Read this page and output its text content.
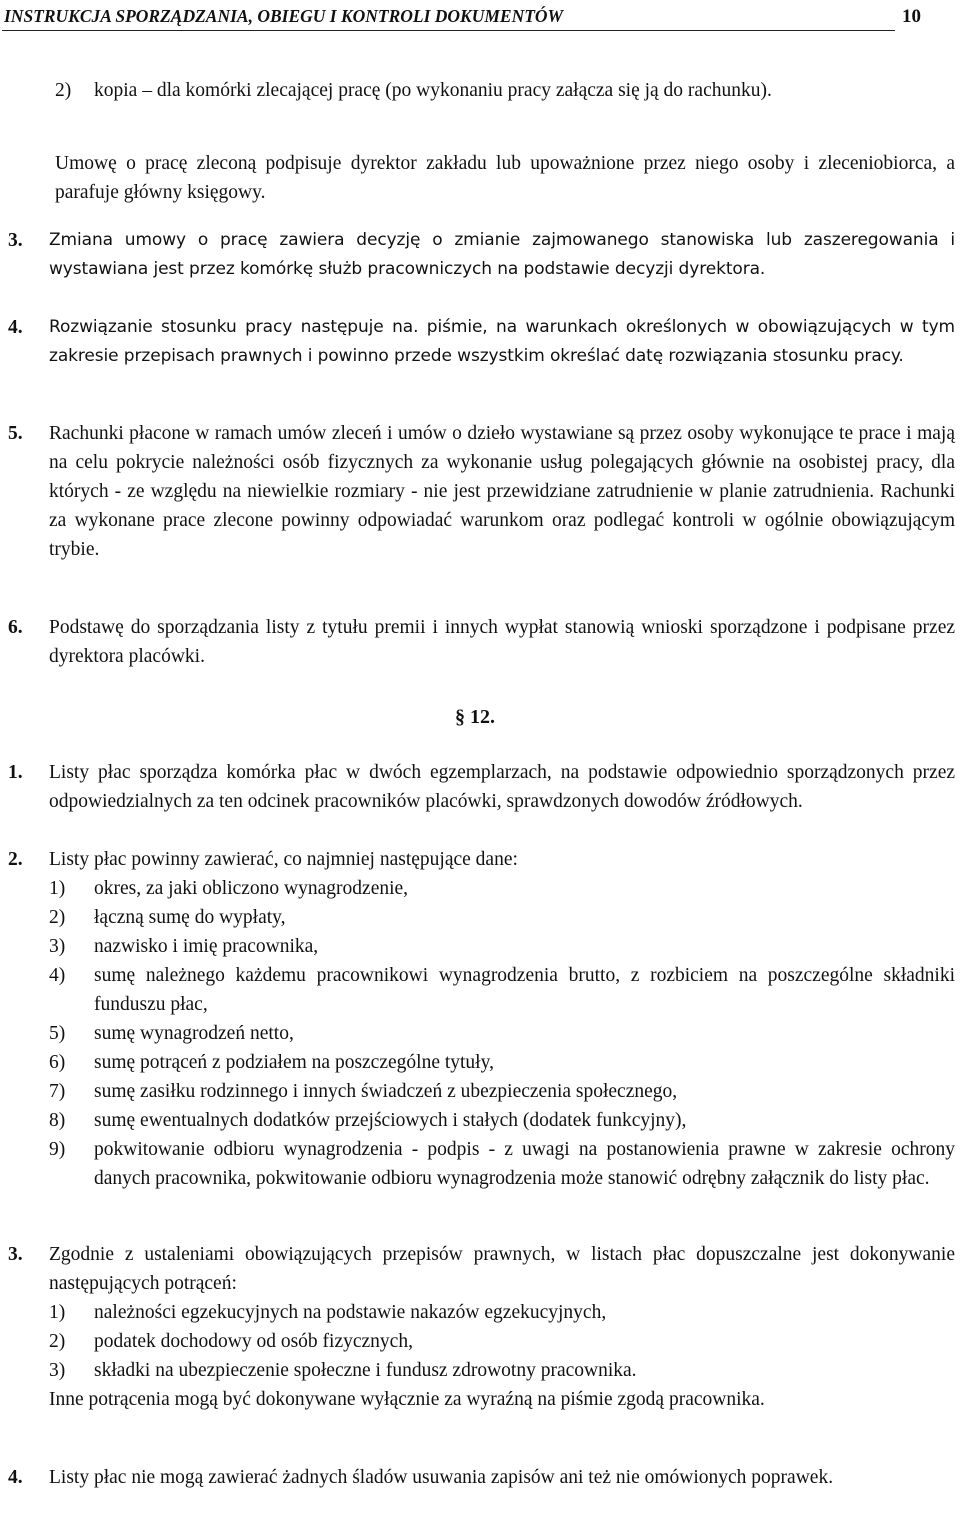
INSTRUKCJA SPORZĄDZANIA, OBIEGU I KONTROLI DOKUMENTÓW	10
2) kopia – dla komórki zlecającej pracę (po wykonaniu pracy załącza się ją do rachunku).
Umowę o pracę zleconą podpisuje dyrektor zakładu lub upoważnione przez niego osoby i zleceniobiorca, a parafuje główny księgowy.
3. Zmiana umowy o pracę zawiera decyzję o zmianie zajmowanego stanowiska lub zaszeregowania i wystawiana jest przez komórkę służb pracowniczych na podstawie decyzji dyrektora.
4. Rozwiązanie stosunku pracy następuje na. piśmie, na warunkach określonych w obowiązujących w tym zakresie przepisach prawnych i powinno przede wszystkim określać datę rozwiązania stosunku pracy.
5. Rachunki płacone w ramach umów zleceń i umów o dzieło wystawiane są przez osoby wykonujące te prace i mają na celu pokrycie należności osób fizycznych za wykonanie usług polegających głównie na osobistej pracy, dla których - ze względu na niewielkie rozmiary - nie jest przewidziane zatrudnienie w planie zatrudnienia. Rachunki za wykonane prace zlecone powinny odpowiadać warunkom oraz podlegać kontroli w ogólnie obowiązującym trybie.
6. Podstawę do sporządzania listy z tytułu premii i innych wypłat stanowią wnioski sporządzone i podpisane przez dyrektora placówki.
§ 12.
1. Listy płac sporządza komórka płac w dwóch egzemplarzach, na podstawie odpowiednio sporządzonych przez odpowiedzialnych za ten odcinek pracowników placówki, sprawdzonych dowodów źródłowych.
2. Listy płac powinny zawierać, co najmniej następujące dane:
1) okres, za jaki obliczono wynagrodzenie,
2) łączną sumę do wypłaty,
3) nazwisko i imię pracownika,
4) sumę należnego każdemu pracownikowi wynagrodzenia brutto, z rozbiciem na poszczególne składniki funduszu płac,
5) sumę wynagrodzeń netto,
6) sumę potrąceń z podziałem na poszczególne tytuły,
7) sumę zasiłku rodzinnego i innych świadczeń z ubezpieczenia społecznego,
8) sumę ewentualnych dodatków przejściowych i stałych (dodatek funkcyjny),
9) pokwitowanie odbioru wynagrodzenia - podpis - z uwagi na postanowienia prawne w zakresie ochrony danych pracownika, pokwitowanie odbioru wynagrodzenia może stanowić odrębny załącznik do listy płac.
3. Zgodnie z ustaleniami obowiązujących przepisów prawnych, w listach płac dopuszczalne jest dokonywanie następujących potrąceń:
1) należności egzekucyjnych na podstawie nakazów egzekucyjnych,
2) podatek dochodowy od osób fizycznych,
3) składki na ubezpieczenie społeczne i fundusz zdrowotny pracownika.
Inne potrącenia mogą być dokonywane wyłącznie za wyraźną na piśmie zgodą pracownika.
4. Listy płac nie mogą zawierać żadnych śladów usuwania zapisów ani też nie omówionych poprawek.
